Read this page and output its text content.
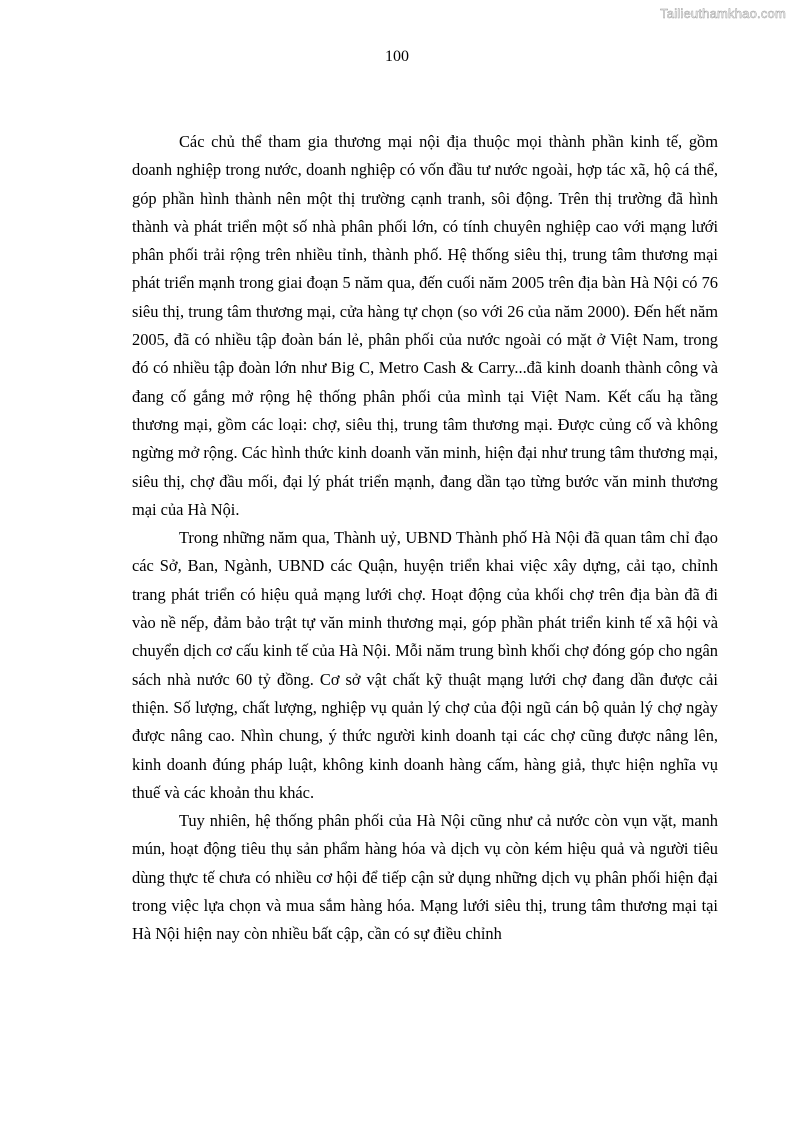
Tailieuthamkhao.com
100

Các chủ thể tham gia thương mại nội địa thuộc mọi thành phần kinh tế, gồm doanh nghiệp trong nước, doanh nghiệp có vốn đầu tư nước ngoài, hợp tác xã, hộ cá thể, góp phần hình thành nên một thị trường cạnh tranh, sôi động. Trên thị trường đã hình thành và phát triển một số nhà phân phối lớn, có tính chuyên nghiệp cao với mạng lưới phân phối trải rộng trên nhiều tỉnh, thành phố. Hệ thống siêu thị, trung tâm thương mại phát triển mạnh trong giai đoạn 5 năm qua, đến cuối năm 2005 trên địa bàn Hà Nội có 76 siêu thị, trung tâm thương mại, cửa hàng tự chọn (so với 26 của năm 2000). Đến hết năm 2005, đã có nhiều tập đoàn bán lẻ, phân phối của nước ngoài có mặt ở Việt Nam, trong đó có nhiều tập đoàn lớn như Big C, Metro Cash & Carry...đã kinh doanh thành công và đang cố gắng mở rộng hệ thống phân phối của mình tại Việt Nam. Kết cấu hạ tầng thương mại, gồm các loại: chợ, siêu thị, trung tâm thương mại. Được củng cố và không ngừng mở rộng. Các hình thức kinh doanh văn minh, hiện đại như trung tâm thương mại, siêu thị, chợ đầu mối, đại lý phát triển mạnh, đang dần tạo từng bước văn minh thương mại của Hà Nội.

Trong những năm qua, Thành uỷ, UBND Thành phố Hà Nội đã quan tâm chỉ đạo các Sở, Ban, Ngành, UBND các Quận, huyện triển khai việc xây dựng, cải tạo, chỉnh trang phát triển có hiệu quả mạng lưới chợ. Hoạt động của khối chợ trên địa bàn đã đi vào nề nếp, đảm bảo trật tự văn minh thương mại, góp phần phát triển kinh tế xã hội và chuyển dịch cơ cấu kinh tế của Hà Nội. Mỗi năm trung bình khối chợ đóng góp cho ngân sách nhà nước 60 tỷ đồng. Cơ sở vật chất kỹ thuật mạng lưới chợ đang dần được cải thiện. Số lượng, chất lượng, nghiệp vụ quản lý chợ của đội ngũ cán bộ quản lý chợ ngày được nâng cao. Nhìn chung, ý thức người kinh doanh tại các chợ cũng được nâng lên, kinh doanh đúng pháp luật, không kinh doanh hàng cấm, hàng giả, thực hiện nghĩa vụ thuế và các khoản thu khác.

Tuy nhiên, hệ thống phân phối của Hà Nội cũng như cả nước còn vụn vặt, manh mún, hoạt động tiêu thụ sản phẩm hàng hóa và dịch vụ còn kém hiệu quả và người tiêu dùng thực tế chưa có nhiều cơ hội để tiếp cận sử dụng những dịch vụ phân phối hiện đại trong việc lựa chọn và mua sắm hàng hóa. Mạng lưới siêu thị, trung tâm thương mại tại Hà Nội hiện nay còn nhiều bất cập, cần có sự điều chỉnh
